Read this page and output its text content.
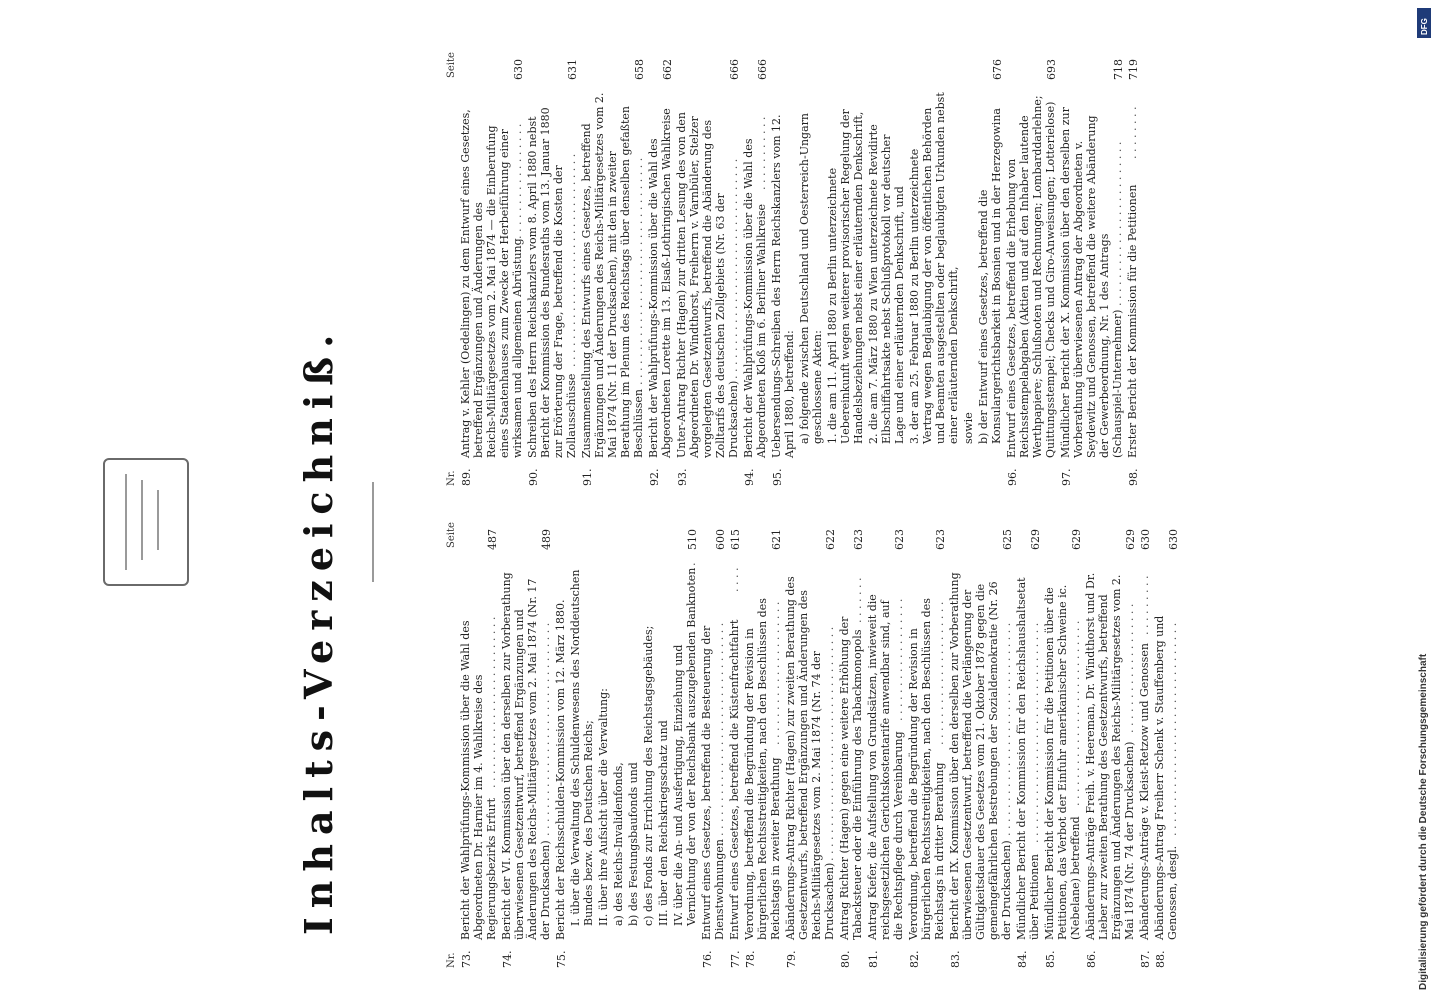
Inhalts-Verzeichniß.
Nr.
Seite
73.
Bericht der Wahlprüfungs-Kommission über die Wahl des Abgeordneten Dr. Harnier im 4. Wahlkreise des Regierungsbezirks Erfurt
. . . . . . . . . . . . . . . . . . . . . . . . .
487
74.
Bericht der VI. Kommission über den derselben zur Vorberathung überwiesenen Gesetzentwurf, betreffend Ergänzungen und Änderungen des Reichs-Militärgesetzes vom 2. Mai 1874 (Nr. 17 der Drucksachen)
. . . . . . . . . . . . . . . . . . . . . . . . . . . . . . .
489
75.
Bericht der Reichsschulden-Kommission vom 12. März 1880. I. über die Verwaltung des Schuldenwesens des Norddeutschen Bundes bezw. des Deutschen Reichs; II. über ihre Aufsicht über die Verwaltung: a) des Reichs-Invalidenfonds, b) des Festungsbaufonds und c) des Fonds zur Errichtung des Reichstagsgebäudes; III. über den Reichskriegsschatz und IV. über die An- und Ausfertigung, Einziehung und Vernichtung der von der Reichsbank auszugebenden Banknoten
.
510
76.
Entwurf eines Gesetzes, betreffend die Besteuerung der Dienstwohnungen
. . . . . . . . . . . . . . . . . . . . . . . . . . . . . . . .
600
77.
Entwurf eines Gesetzes, betreffend die Küstenfrachtfahrt
. . . .
615
78.
Verordnung, betreffend die Begründung der Revision in bürgerlichen Rechtsstreitigkeiten, nach den Beschlüssen des Reichstags in zweiter Berathung
. . . . . . . . . . . . . . . . . . . . .
621
79.
Abänderungs-Antrag Richter (Hagen) zur zweiten Berathung des Gesetzentwurfs, betreffend Ergänzungen und Änderungen des Reichs-Militärgesetzes vom 2. Mai 1874 (Nr. 74 der Drucksachen)
. . . . . . . . . . . . . . . . . . . . . . . . . . . . . . . . . .
622
80.
Antrag Richter (Hagen) gegen eine weitere Erhöhung der Tabacksteuer oder die Einführung des Tabackmonopols
. . . . . . .
623
81.
Antrag Kiefer, die Aufstellung von Grundsätzen, inwieweit die reichsgesetzlichen Gerichtskostentarife anwendbar sind, auf die Rechtspflege durch Vereinbarung
. . . . . . . . . . . . . . . . . .
623
82.
Verordnung, betreffend die Begründung der Revision in bürgerlichen Rechtsstreitigkeiten, nach den Beschlüssen des Reichstags in dritter Berathung
. . . . . . . . . . . . . . . . . . . . .
623
83.
Bericht der IX. Kommission über den derselben zur Vorberathung überwiesenen Gesetzentwurf, betreffend die Verlängerung der Gültigkeitsdauer des Gesetzes vom 21. Oktober 1878 gegen die gemeingefährlichen Bestrebungen der Sozialdemokratie (Nr. 26 der Drucksachen)
. . . . . . . . . . . . . . . . . . . . . . . . . . . . . . .
625
84.
Mündlicher Bericht der Kommission für den Reichshaushaltsetat über Petitionen
. . . . . . . . . . . . . . . . . . . . . . . . . . . . . . . .
629
85.
Mündlicher Bericht der Kommission für die Petitionen über die Petitionen, das Verbot der Einfuhr amerikanischer Schweine ic. (Nebelane) betreffend
. . . . . . . . . . . . . . . . . . . . . . . . . . .
629
86.
Abänderungs-Anträge Freih. v. Heereman, Dr. Windthorst und Dr. Lieber zur zweiten Berathung des Gesetzentwurfs, betreffend Ergänzungen und Änderungen des Reichs-Militärgesetzes vom 2. Mai 1874 (Nr. 74 der Drucksachen)
. . . . . . . . . . . . . . . . . . .
629
87.
Abänderungs-Anträge v. Kleist-Retzow und Genossen
. . . . . . . . .
630
88.
Abänderungs-Antrag Freiherr Schenk v. Stauffenberg und Genossen, desgl.
. . . . . . . . . . . . . . . . . . . . . . . . . . . . . . .
630
Nr.
Seite
89.
Antrag v. Kehler (Oedelingen) zu dem Entwurf eines Gesetzes, betreffend Ergänzungen und Änderungen des Reichs-Militärgesetzes vom 2. Mai 1874 — die Einberufung eines Staatenhauses zum Zwecke der Herbeiführung einer wirksamen und allgemeinen Abrüstung
. . . . . . . . . . . . . . . . .
630
90.
Schreiben des Herrn Reichskanzlers vom 8. April 1880 nebst Bericht der Kommission des Bundesraths vom 13. Januar 1880 zur Erörterung der Frage, betreffend die Kosten der Zollausschüsse
. . . . . . . . . . . . . . . . . . . . . . . . . . . . . . .
631
91.
Zusammenstellung des Entwurfs eines Gesetzes, betreffend Ergänzungen und Änderungen des Reichs-Militärgesetzes vom 2. Mai 1874 (Nr. 11 der Drucksachen), mit den in zweiter Berathung im Plenum des Reichstags über denselben gefaßten Beschlüssen
. . . . . . . . . . . . . . . . . . . . . . . . . . . . . . . . .
658
92.
Bericht der Wahlprüfungs-Kommission über die Wahl des Abgeordneten Lorette im 13. Elsaß-Lothringischen Wahlkreise
662
93.
Unter-Antrag Richter (Hagen) zur dritten Lesung des von den Abgeordneten Dr. Windthorst, Freiherrn v. Varnbüler, Stelzer vorgelegten Gesetzentwurfs, betreffend die Abänderung des Zolltarifs des deutschen Zollgebiets (Nr. 63 der Drucksachen)
. . . . . . . . . . . . . . . . . . . . . . . . . . . . . . . .
666
94.
Bericht der Wahlprüfungs-Kommission über die Wahl des Abgeordneten Kloß im 6. Berliner Wahlkreise
. . . . . . . . . . .
666
95.
Uebersendungs-Schreiben des Herrn Reichskanzlers vom 12. April 1880, betreffend: a) folgende zwischen Deutschland und Oesterreich-Ungarn geschlossene Akten: 1. die am 11. April 1880 zu Berlin unterzeichnete Uebereinkunft wegen weiterer provisorischer Regelung der Handelsbeziehungen nebst einer erläuternden Denkschrift, 2. die am 7. März 1880 zu Wien unterzeichnete Revidirte Elbschiffahrtsakte nebst Schlußprotokoll vor deutscher Lage und einer erläuternden Denkschrift, und 3. der am 25. Februar 1880 zu Berlin unterzeichnete Vertrag wegen Beglaubigung der von öffentlichen Behörden und Beamten ausgestellten oder beglaubigten Urkunden nebst einer erläuternden Denkschrift, sowie b) der Entwurf eines Gesetzes, betreffend die Konsulargerichtsbarkeit in Bosnien und in der Herzegowina
676
96.
Entwurf eines Gesetzes, betreffend die Erhebung von Reichsstempelabgaben (Aktien und auf den Inhaber lautende Werthpapiere; Schlußnoten und Rechnungen; Lombarddarlehne; Quittungsstempel; Checks und Giro-Anweisungen; Lotterielose)
693
97.
Mündlicher Bericht der X. Kommission über den derselben zur Vorberathung überwiesenen Antrag der Abgeordneten v. Seydewitz und Genossen, betreffend die weitere Abänderung der Gewerbeordnung, Nr. 1 des Antrags (Schauspiel-Unternehmer)
. . . . . . . . . . . . . . . . . . . . . . . .
718
98.
Erster Bericht der Kommission für die Petitionen
. . . . . . . .
719
Digitalisierung gefördert durch die Deutsche Forschungsgemeinschaft
DFG
